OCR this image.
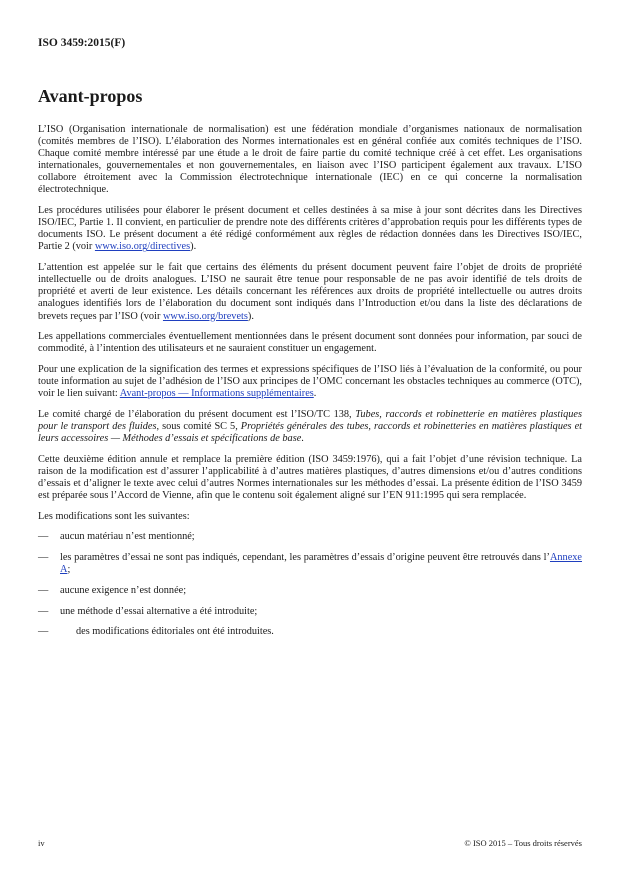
ISO 3459:2015(F)
Avant-propos

L’ISO (Organisation internationale de normalisation) est une fédération mondiale d’organismes nationaux de normalisation (comités membres de l’ISO). L’élaboration des Normes internationales est en général confiée aux comités techniques de l’ISO. Chaque comité membre intéressé par une étude a le droit de faire partie du comité technique créé à cet effet. Les organisations internationales, gouvernementales et non gouvernementales, en liaison avec l’ISO participent également aux travaux. L’ISO collabore étroitement avec la Commission électrotechnique internationale (IEC) en ce qui concerne la normalisation électrotechnique.

Les procédures utilisées pour élaborer le présent document et celles destinées à sa mise à jour sont décrites dans les Directives ISO/IEC, Partie 1. Il convient, en particulier de prendre note des différents critères d’approbation requis pour les différents types de documents ISO. Le présent document a été rédigé conformément aux règles de rédaction données dans les Directives ISO/IEC, Partie 2 (voir www.iso.org/directives).

L’attention est appelée sur le fait que certains des éléments du présent document peuvent faire l’objet de droits de propriété intellectuelle ou de droits analogues. L’ISO ne saurait être tenue pour responsable de ne pas avoir identifié de tels droits de propriété et averti de leur existence. Les détails concernant les références aux droits de propriété intellectuelle ou autres droits analogues identifiés lors de l’élaboration du document sont indiqués dans l’Introduction et/ou dans la liste des déclarations de brevets reçues par l’ISO (voir www.iso.org/brevets).

Les appellations commerciales éventuellement mentionnées dans le présent document sont données pour information, par souci de commodité, à l’intention des utilisateurs et ne sauraient constituer un engagement.

Pour une explication de la signification des termes et expressions spécifiques de l’ISO liés à l’évaluation de la conformité, ou pour toute information au sujet de l’adhésion de l’ISO aux principes de l’OMC concernant les obstacles techniques au commerce (OTC), voir le lien suivant: Avant-propos — Informations supplémentaires.

Le comité chargé de l’élaboration du présent document est l’ISO/TC 138, Tubes, raccords et robinetterie en matières plastiques pour le transport des fluides, sous comité SC 5, Propriétés générales des tubes, raccords et robinetteries en matières plastiques et leurs accessoires — Méthodes d’essais et spécifications de base.

Cette deuxième édition annule et remplace la première édition (ISO 3459:1976), qui a fait l’objet d’une révision technique. La raison de la modification est d’assurer l’applicabilité à d’autres matières plastiques, d’autres dimensions et/ou d’autres conditions d’essais et d’aligner le texte avec celui d’autres Normes internationales sur les méthodes d’essai. La présente édition de l’ISO 3459 est préparée sous l’Accord de Vienne, afin que le contenu soit également aligné sur l’EN 911:1995 qui sera remplacée.

Les modifications sont les suivantes:

—	aucun matériau n’est mentionné;
—	les paramètres d’essai ne sont pas indiqués, cependant, les paramètres d’essais d’origine peuvent être retrouvés dans l’Annexe A;
—	aucune exigence n’est donnée;
—	une méthode d’essai alternative a été introduite;
—	des modifications éditoriales ont été introduites.
iv	© ISO 2015 – Tous droits réservés
